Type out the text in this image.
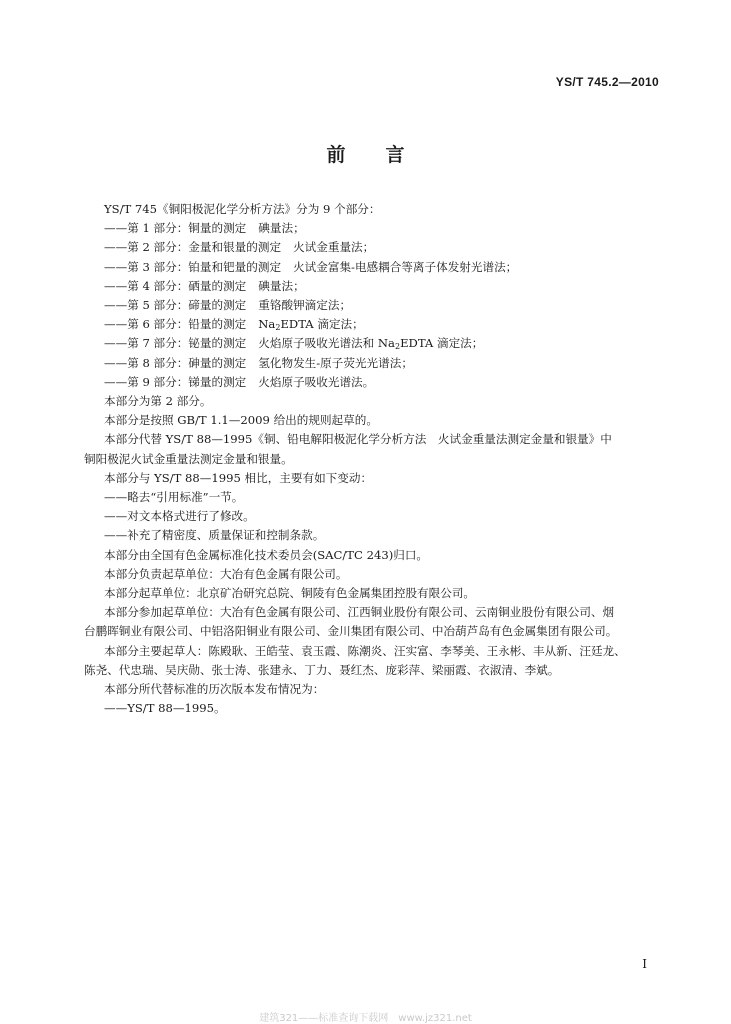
YS/T 745.2—2010
前言
YS/T 745《铜阳极泥化学分析方法》分为 9 个部分：
——第 1 部分：铜量的测定 碘量法；
——第 2 部分：金量和银量的测定 火试金重量法；
——第 3 部分：铂量和钯量的测定 火试金富集-电感耦合等离子体发射光谱法；
——第 4 部分：硒量的测定 碘量法；
——第 5 部分：碲量的测定 重铬酸钾滴定法；
——第 6 部分：铅量的测定 $Na_2EDTA$ 滴定法；
——第 7 部分：铋量的测定 火焰原子吸收光谱法和 $Na_2EDTA$ 滴定法；
——第 8 部分：砷量的测定 氢化物发生-原子荧光光谱法；
——第 9 部分：锑量的测定 火焰原子吸收光谱法。
本部分为第 2 部分。
本部分是按照 GB/T 1.1—2009 给出的规则起草的。
本部分代替 YS/T 88—1995《铜、铅电解阳极泥化学分析方法　火试金重量法测定金量和银量》中
铜阳极泥火试金重量法测定金量和银量。
本部分与 YS/T 88—1995 相比，主要有如下变动：
——略去“引用标准”一节。
——对文本格式进行了修改。
——补充了精密度、质量保证和控制条款。
本部分由全国有色金属标准化技术委员会(SAC/TC 243)归口。
本部分负责起草单位：大冶有色金属有限公司。
本部分起草单位：北京矿冶研究总院、铜陵有色金属集团控股有限公司。
本部分参加起草单位：大冶有色金属有限公司、江西铜业股份有限公司、云南铜业股份有限公司、烟
台鹏晖铜业有限公司、中铝洛阳铜业有限公司、金川集团有限公司、中冶葫芦岛有色金属集团有限公司。
本部分主要起草人：陈殿耿、王皓莹、袁玉霞、陈潮炎、汪实富、李琴美、王永彬、丰从新、汪廷龙、
陈尧、代忠瑞、吴庆勋、张士涛、张建永、丁力、聂红杰、庞彩萍、梁丽霞、衣淑清、李斌。
本部分所代替标准的历次版本发布情况为：
——YS/T 88—1995。
I
建筑321——标准查询下载网　www.jz321.net
